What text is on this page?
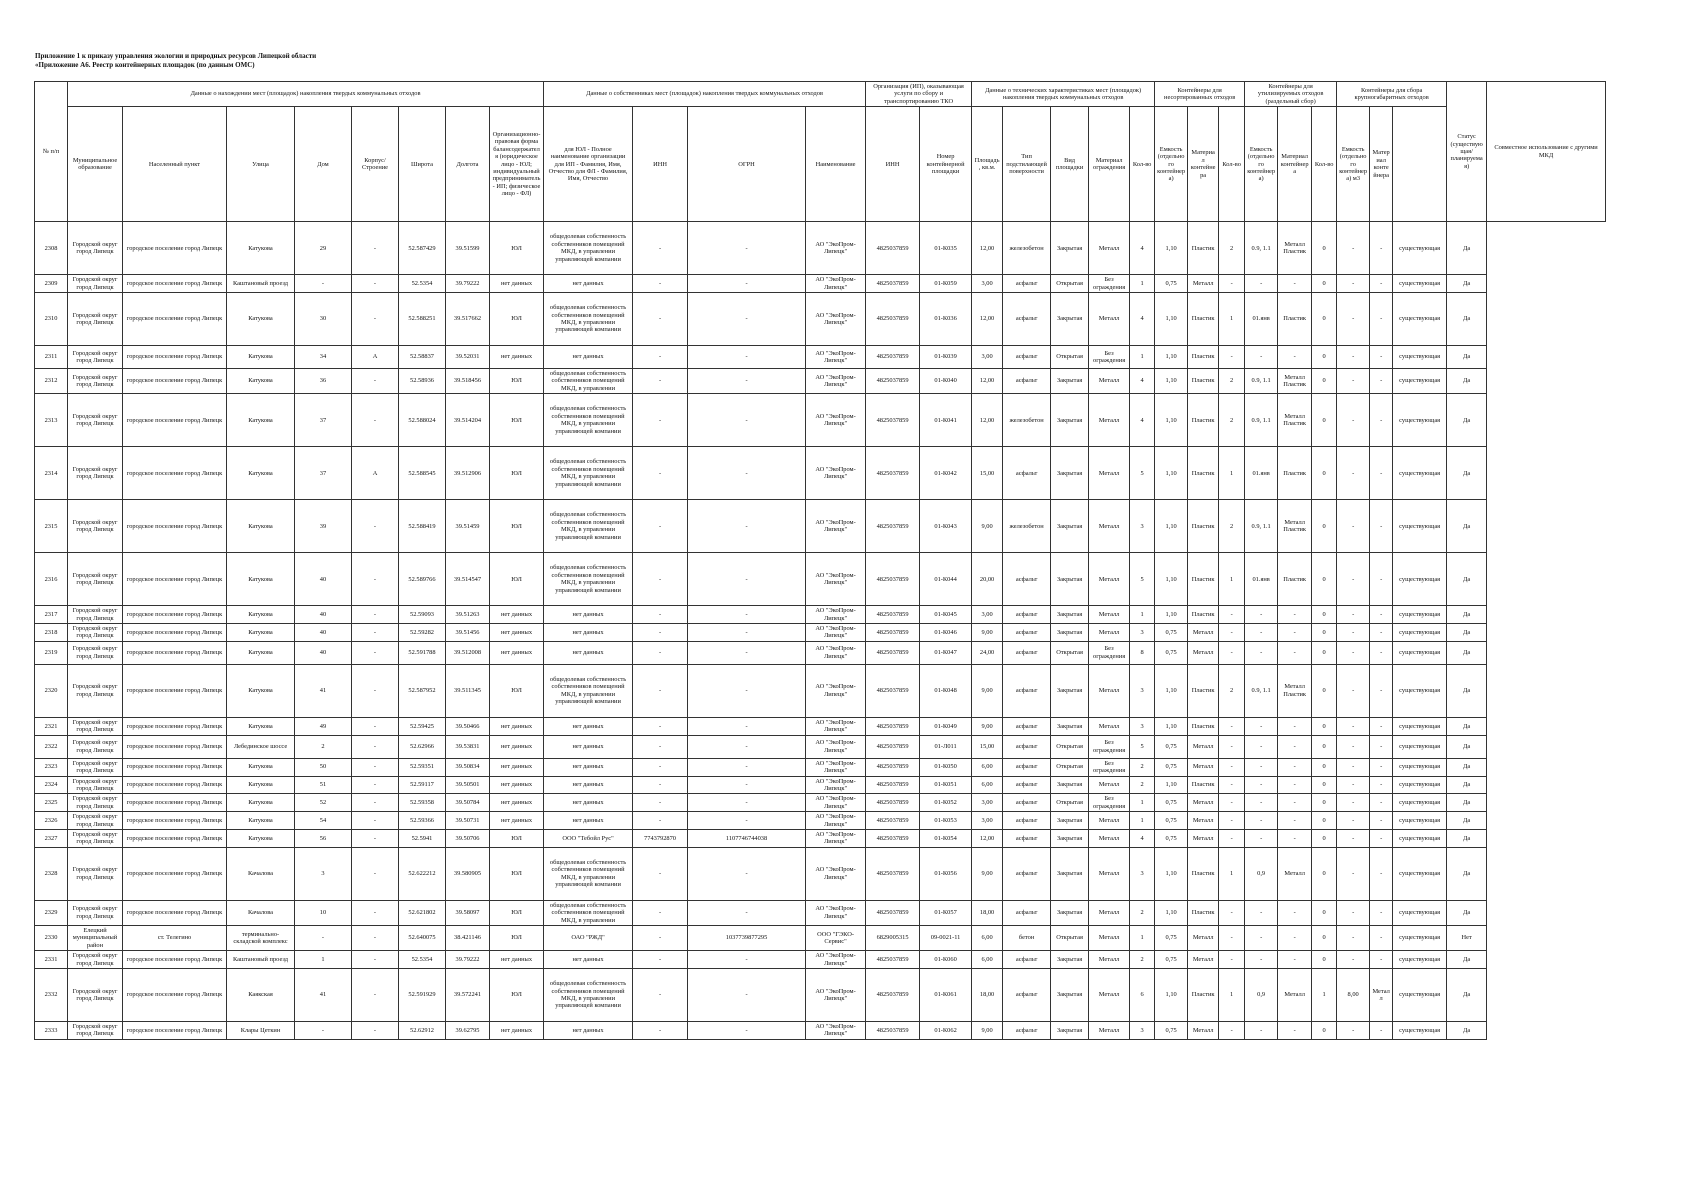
Приложение 1 к приказу управления экологии и природных ресурсов Липецкой области
«Приложение А6. Реестр контейнерных площадок (по данным ОМС)
№ п/п	Данные о нахождении мест (площадок) накопления твердых коммунальных отходов								Данные о собственниках мест (площадок) накопления твердых коммунальных отходов				Организация (ИП), оказывающая услуги по сбору и транспортированию ТКО		Данные о технических характеристиках мест (площадок) накопления твердых коммунальных отходов					Контейнеры для несортированных отходов			Контейнеры для утилизируемых отходов (раздельный сбор)			Контейнеры для сбора крупногабаритных отходов			Статус (существующая/ планируемая)	Совместное использование с другими МКД
	Муниципальное образование	Населенный пункт	Улица	Дом	Корпус/Строение	Широта	Долгота	Организационно-правовая форма балансодержателя (юридическое лицо - ЮЛ; индивидуальный предприниматель - ИП; физическое лицо - ФЛ)	для ЮЛ - Полное наименование организации для ИП - Фамилия, Имя, Отчество для ФЛ - Фамилия, Имя, Отчество	ИНН	ОГРН	Наименование	ИНН	Номер контейнерной площадки	Площадь, кв.м.	Тип подстилающей поверхности	Вид площадки	Материал ограждения	Кол-во	Емкость (отдельного контейнера)	Материал контейнера	Кол-во	Емкость (отдельного контейнера)	Материал контейнера	Кол-во	Емкость (отдельного контейнера) м3	Материал контейнера			
2308	Городской округ город Липецк	городское поселение город Липецк	Катукова	29	-	52.587429	39.51599	ЮЛ	общедолевая собственность собственников помещений МКД, в управлении управляющей компании	-	-	АО "ЭкоПром-Липецк"	4825037859	01-К035	12,00	железобетон	Закрытая	Металл	4	1,10	Пластик	2	0.9, 1.1	Металл Пластик	0	-	-	существующая	Да	
2309	Городской округ город Липецк	городское поселение город Липецк	Каштановый проезд	-	-	52.5354	39.79222	нет данных	нет данных	-	-	АО "ЭкоПром-Липецк"	4825037859	01-К059	3,00	асфальт	Открытая	Без ограждения	1	0,75	Металл	-	-	-	0	-	-	существующая	Да	
2310	Городской округ город Липецк	городское поселение город Липецк	Катукова	30	-	52.588251	39.517662	ЮЛ	общедолевая собственность собственников помещений МКД, в управлении управляющей компании	-	-	АО "ЭкоПром-Липецк"	4825037859	01-К036	12,00	асфальт	Закрытая	Металл	4	1,10	Пластик	1	01.янв	Пластик	0	-	-	существующая	Да	
2311	Городской округ город Липецк	городское поселение город Липецк	Катукова	34	А	52.58837	39.52031	нет данных	нет данных	-	-	АО "ЭкоПром-Липецк"	4825037859	01-К039	3,00	асфальт	Открытая	Без ограждения	1	1,10	Пластик	-	-	-	0	-	-	существующая	Да	
2312	Городской округ город Липецк	городское поселение город Липецк	Катукова	36	-	52.58936	39.518456	ЮЛ	общедолевая собственность собственников помещений МКД, в управлении	-	-	АО "ЭкоПром-Липецк"	4825037859	01-К040	12,00	асфальт	Закрытая	Металл	4	1,10	Пластик	2	0.9, 1.1	Металл Пластик	0	-	-	существующая	Да	
2313	Городской округ город Липецк	городское поселение город Липецк	Катукова	37	-	52.588024	39.514204	ЮЛ	общедолевая собственность собственников помещений МКД, в управлении управляющей компании	-	-	АО "ЭкоПром-Липецк"	4825037859	01-К041	12,00	железобетон	Закрытая	Металл	4	1,10	Пластик	2	0.9, 1.1	Металл Пластик	0	-	-	существующая	Да	
2314	Городской округ город Липецк	городское поселение город Липецк	Катукова	37	А	52.588545	39.512906	ЮЛ	общедолевая собственность собственников помещений МКД, в управлении управляющей компании	-	-	АО "ЭкоПром-Липецк"	4825037859	01-К042	15,00	асфальт	Закрытая	Металл	5	1,10	Пластик	1	01.янв	Пластик	0	-	-	существующая	Да	
2315	Городской округ город Липецк	городское поселение город Липецк	Катукова	39	-	52.588419	39.51459	ЮЛ	общедолевая собственность собственников помещений МКД, в управлении управляющей компании	-	-	АО "ЭкоПром-Липецк"	4825037859	01-К043	9,00	железобетон	Закрытая	Металл	3	1,10	Пластик	2	0.9, 1.1	Металл Пластик	0	-	-	существующая	Да	
2316	Городской округ город Липецк	городское поселение город Липецк	Катукова	40	-	52.589766	39.514547	ЮЛ	общедолевая собственность собственников помещений МКД, в управлении управляющей компании	-	-	АО "ЭкоПром-Липецк"	4825037859	01-К044	20,00	асфальт	Закрытая	Металл	5	1,10	Пластик	1	01.янв	Пластик	0	-	-	существующая	Да	
2317	Городской округ город Липецк	городское поселение город Липецк	Катукова	40	-	52.59093	39.51263	нет данных	нет данных	-	-	АО "ЭкоПром-Липецк"	4825037859	01-К045	3,00	асфальт	Закрытая	Металл	1	1,10	Пластик	-	-	-	0	-	-	существующая	Да	
2318	Городской округ город Липецк	городское поселение город Липецк	Катукова	40	-	52.59282	39.51456	нет данных	нет данных	-	-	АО "ЭкоПром-Липецк"	4825037859	01-К046	9,00	асфальт	Закрытая	Металл	3	0,75	Металл	-	-	-	0	-	-	существующая	Да	
2319	Городской округ город Липецк	городское поселение город Липецк	Катукова	40	-	52.591788	39.512008	нет данных	нет данных	-	-	АО "ЭкоПром-Липецк"	4825037859	01-К047	24,00	асфальт	Открытая	Без ограждения	8	0,75	Металл	-	-	-	0	-	-	существующая	Да	
2320	Городской округ город Липецк	городское поселение город Липецк	Катукова	41	-	52.587952	39.511345	ЮЛ	общедолевая собственность собственников помещений МКД, в управлении управляющей компании	-	-	АО "ЭкоПром-Липецк"	4825037859	01-К048	9,00	асфальт	Закрытая	Металл	3	1,10	Пластик	2	0.9, 1.1	Металл Пластик	0	-	-	существующая	Да	
2321	Городской округ город Липецк	городское поселение город Липецк	Катукова	49	-	52.59425	39.50466	нет данных	нет данных	-	-	АО "ЭкоПром-Липецк"	4825037859	01-К049	9,00	асфальт	Закрытая	Металл	3	1,10	Пластик	-	-	-	0	-	-	существующая	Да	
2322	Городской округ город Липецк	городское поселение город Липецк	Лебединское шоссе	2	-	52.62966	39.53831	нет данных	нет данных	-	-	АО "ЭкоПром-Липецк"	4825037859	01-Л011	15,00	асфальт	Открытая	Без ограждения	5	0,75	Металл	-	-	-	0	-	-	существующая	Да	
2323	Городской округ город Липецк	городское поселение город Липецк	Катукова	50	-	52.59351	39.50834	нет данных	нет данных	-	-	АО "ЭкоПром-Липецк"	4825037859	01-К050	6,00	асфальт	Открытая	Без ограждения	2	0,75	Металл	-	-	-	0	-	-	существующая	Да	
2324	Городской округ город Липецк	городское поселение город Липецк	Катукова	51	-	52.59117	39.50501	нет данных	нет данных	-	-	АО "ЭкоПром-Липецк"	4825037859	01-К051	6,00	асфальт	Закрытая	Металл	2	1,10	Пластик	-	-	-	0	-	-	существующая	Да	
2325	Городской округ город Липецк	городское поселение город Липецк	Катукова	52	-	52.59358	39.50784	нет данных	нет данных	-	-	АО "ЭкоПром-Липецк"	4825037859	01-К052	3,00	асфальт	Открытая	Без ограждения	1	0,75	Металл	-	-	-	0	-	-	существующая	Да	
2326	Городской округ город Липецк	городское поселение город Липецк	Катукова	54	-	52.59366	39.50731	нет данных	нет данных	-	-	АО "ЭкоПром-Липецк"	4825037859	01-К053	3,00	асфальт	Закрытая	Металл	1	0,75	Металл	-	-	-	0	-	-	существующая	Да	
2327	Городской округ город Липецк	городское поселение город Липецк	Катукова	56	-	52.5941	39.50706	ЮЛ	ООО "Тебойл Рус"	7743792870	1107746744038	АО "ЭкоПром-Липецк"	4825037859	01-К054	12,00	асфальт	Закрытая	Металл	4	0,75	Металл	-	-	-	0	-	-	существующая	Да	
2328	Городской округ город Липецк	городское поселение город Липецк	Качалова	3	-	52.622212	39.580905	ЮЛ	общедолевая собственность собственников помещений МКД, в управлении управляющей компании	-	-	АО "ЭкоПром-Липецк"	4825037859	01-К056	9,00	асфальт	Закрытая	Металл	3	1,10	Пластик	1	0,9	Металл	0	-	-	существующая	Да	
2329	Городской округ город Липецк	городское поселение город Липецк	Качалова	10	-	52.621802	39.58097	ЮЛ	общедолевая собственность собственников помещений МКД, в управлении	-	-	АО "ЭкоПром-Липецк"	4825037859	01-К057	18,00	асфальт	Закрытая	Металл	2	1,10	Пластик	-	-	-	0	-	-	существующая	Да	
2330	Елецкий муниципальный район	ст. Телегино	терминально-складской комплекс	-	-	52.640075	38.421146	ЮЛ	ОАО "РЖД"	-	1037739877295	ООО "ГЭКО-Сервис"	6829005315	09-0021-11	6,00	бетон	Открытая	Металл	1	0,75	Металл	-	-	-	0	-	-	существующая	Нет	
2331	Городской округ город Липецк	городское поселение город Липецк	Каштановый проезд	1	-	52.5354	39.79222	нет данных	нет данных	-	-	АО "ЭкоПром-Липецк"	4825037859	01-К060	6,00	асфальт	Закрытая	Металл	2	0,75	Металл	-	-	-	0	-	-	существующая	Да	
2332	Городской округ город Липецк	городское поселение город Липецк	Каякская	41	-	52.591929	39.572241	ЮЛ	общедолевая собственность собственников помещений МКД, в управлении управляющей компании	-	-	АО "ЭкоПром-Липецк"	4825037859	01-К061	18,00	асфальт	Закрытая	Металл	6	1,10	Пластик	1	0,9	Металл	1	8,00	Металл	существующая	Да	
2333	Городской округ город Липецк	городское поселение город Липецк	Клары Цеткин	-	-	52.62912	39.62795	нет данных	нет данных	-	-	АО "ЭкоПром-Липецк"	4825037859	01-К062	9,00	асфальт	Закрытая	Металл	3	0,75	Металл	-	-	-	0	-	-	существующая	Да	
